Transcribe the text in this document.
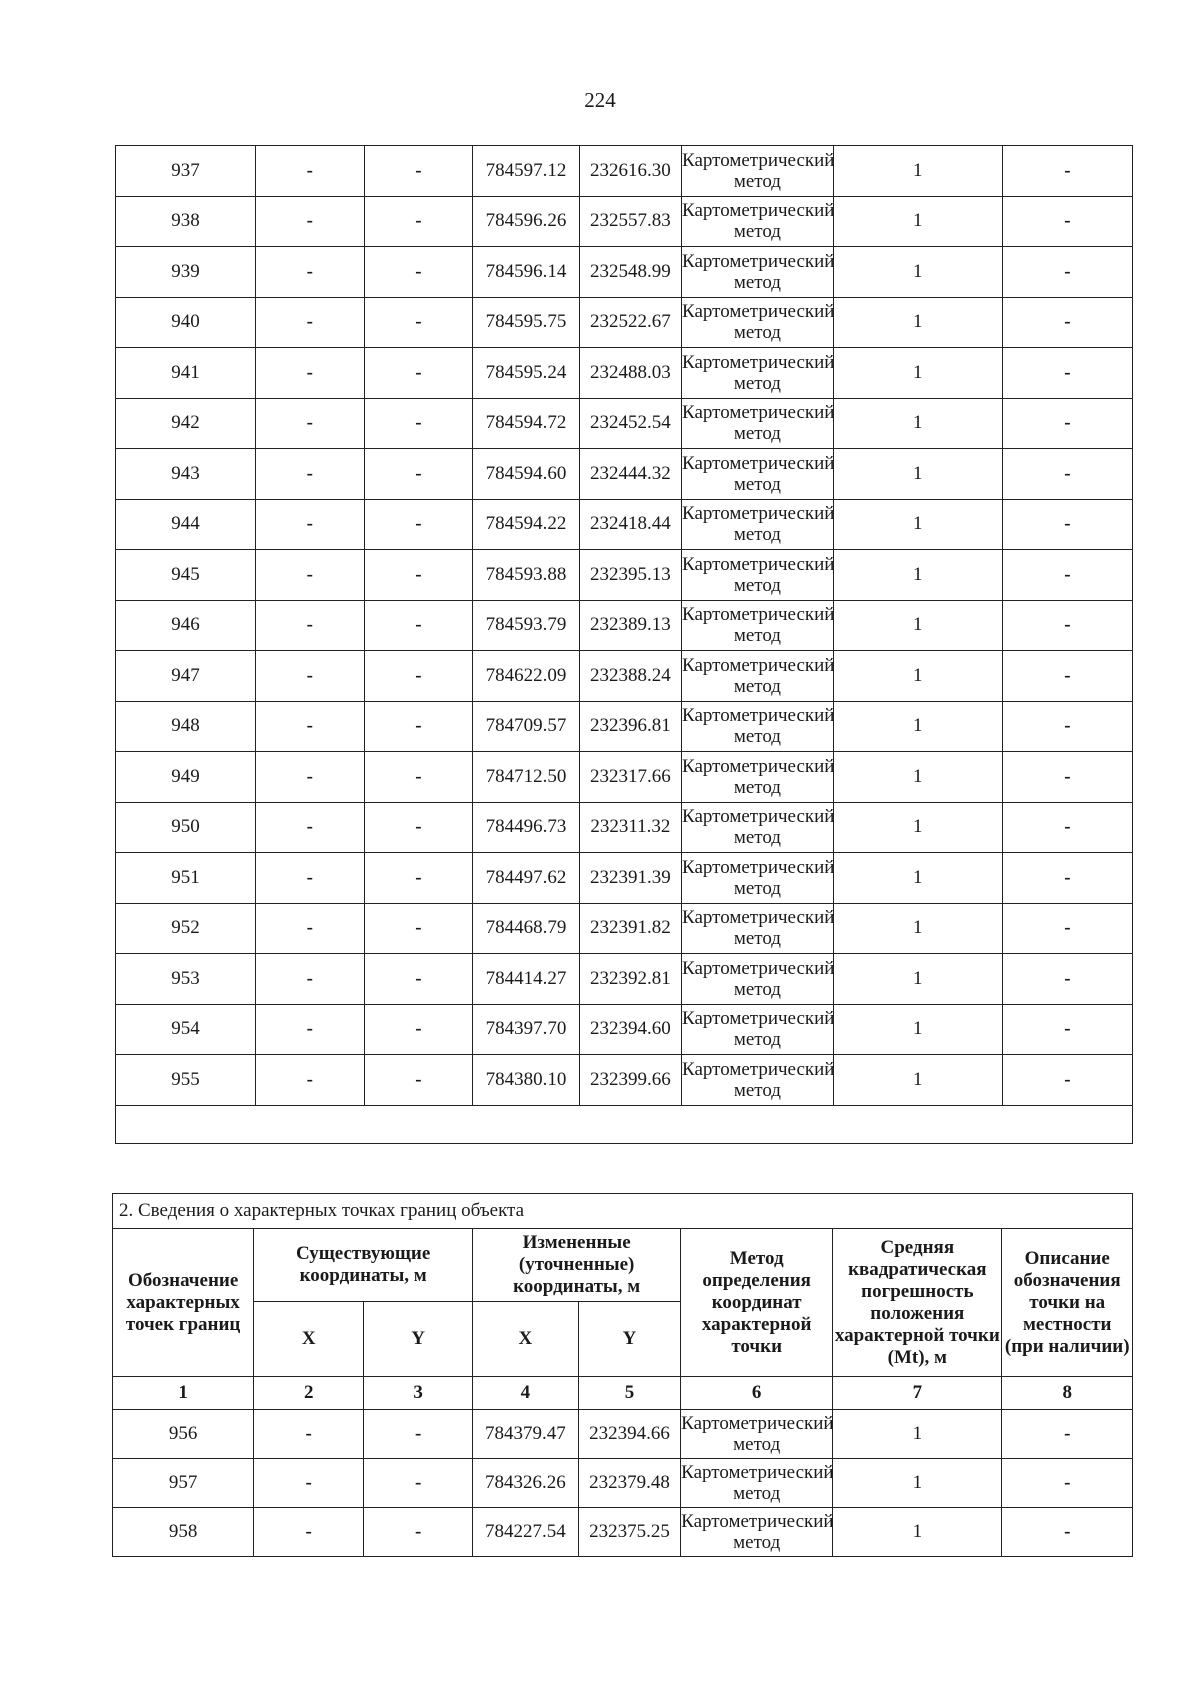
224
937	-	-	784597.12	232616.30	Картометрический метод	1	-
938	-	-	784596.26	232557.83	Картометрический метод	1	-
939	-	-	784596.14	232548.99	Картометрический метод	1	-
940	-	-	784595.75	232522.67	Картометрический метод	1	-
941	-	-	784595.24	232488.03	Картометрический метод	1	-
942	-	-	784594.72	232452.54	Картометрический метод	1	-
943	-	-	784594.60	232444.32	Картометрический метод	1	-
944	-	-	784594.22	232418.44	Картометрический метод	1	-
945	-	-	784593.88	232395.13	Картометрический метод	1	-
946	-	-	784593.79	232389.13	Картометрический метод	1	-
947	-	-	784622.09	232388.24	Картометрический метод	1	-
948	-	-	784709.57	232396.81	Картометрический метод	1	-
949	-	-	784712.50	232317.66	Картометрический метод	1	-
950	-	-	784496.73	232311.32	Картометрический метод	1	-
951	-	-	784497.62	232391.39	Картометрический метод	1	-
952	-	-	784468.79	232391.82	Картометрический метод	1	-
953	-	-	784414.27	232392.81	Картометрический метод	1	-
954	-	-	784397.70	232394.60	Картометрический метод	1	-
955	-	-	784380.10	232399.66	Картометрический метод	1	-

2. Сведения о характерных точках границ объекта							
Обозначение характерных точек границ	Существующие координаты, м		Измененные (уточненные) координаты, м		Метод определения координат характерной точки	Средняя квадратическая погрешность положения характерной точки (Mt), м	Описание обозначения точки на местности (при наличии)
	X	Y	X	Y			
1	2	3	4	5	6	7	8
956	-	-	784379.47	232394.66	Картометрический метод	1	-
957	-	-	784326.26	232379.48	Картометрический метод	1	-
958	-	-	784227.54	232375.25	Картометрический метод	1	-
